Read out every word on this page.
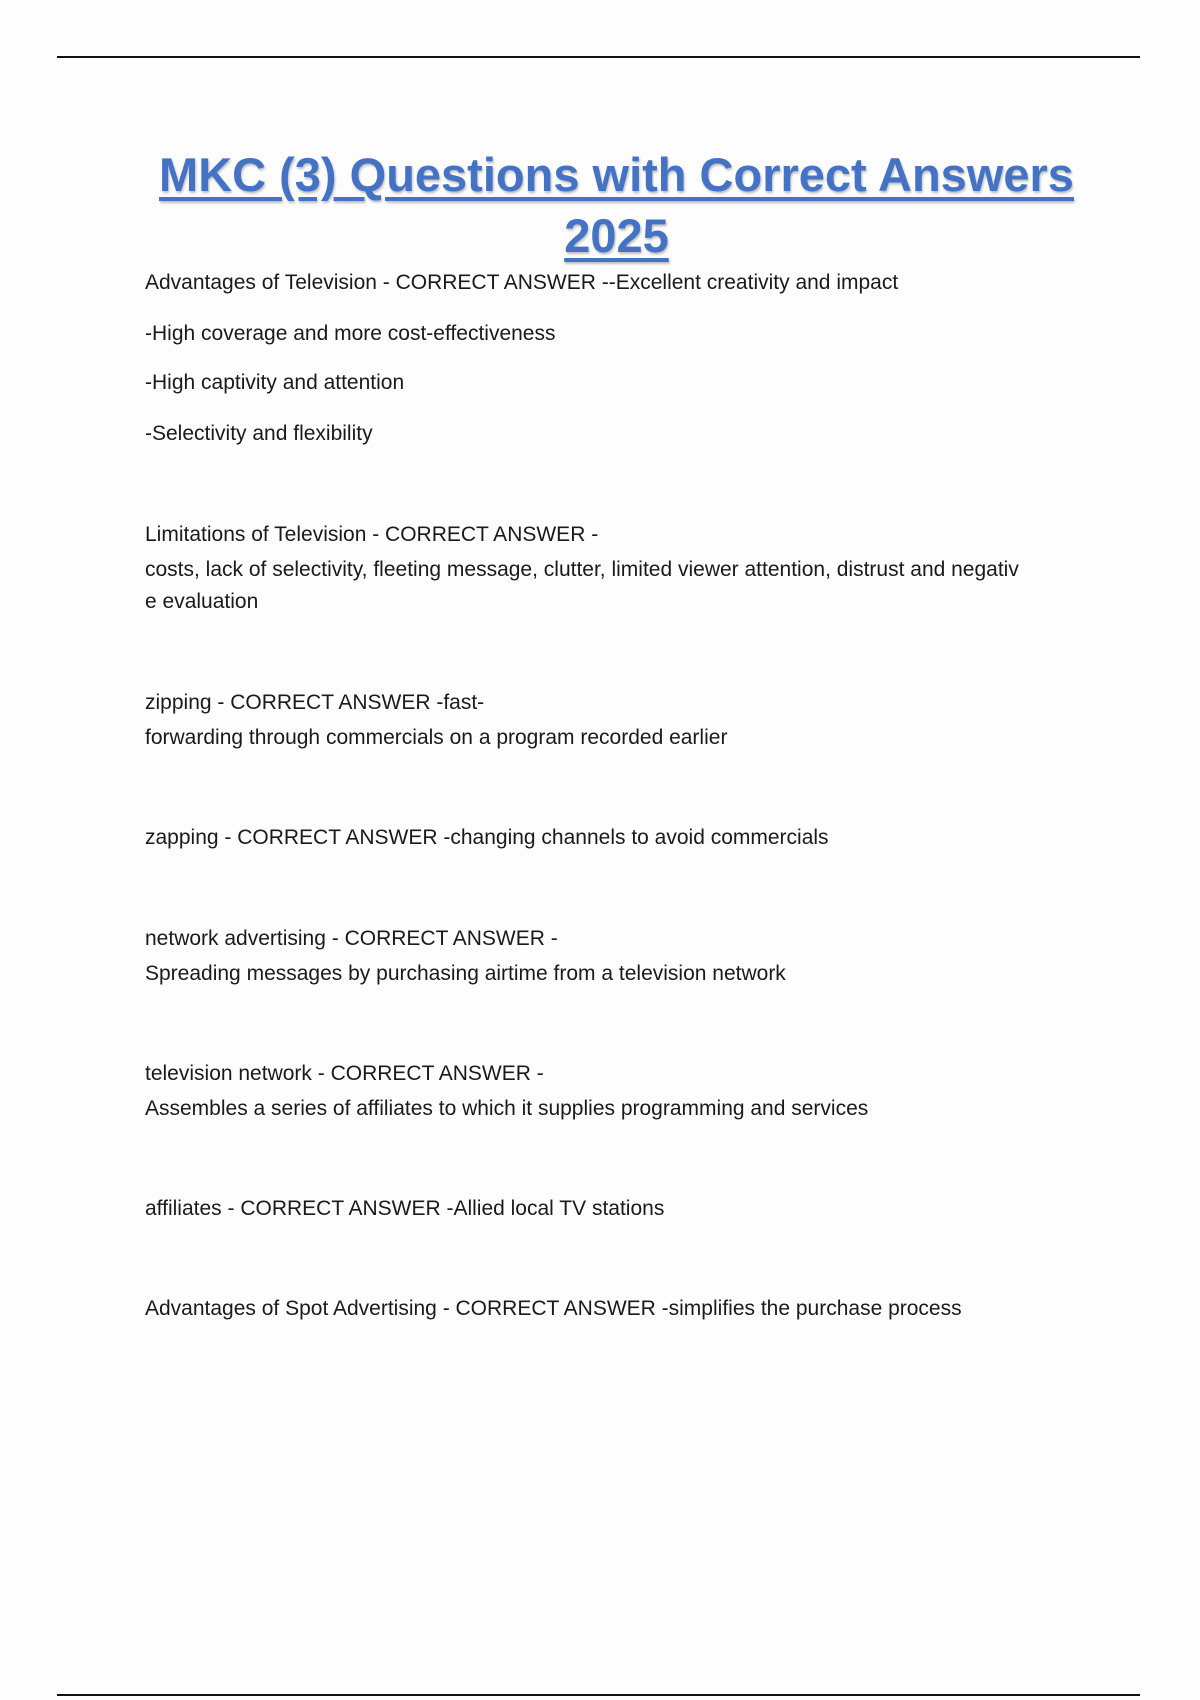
MKC (3) Questions with Correct Answers
2025
Advantages of Television - CORRECT ANSWER --Excellent creativity and impact
-High coverage and more cost-effectiveness
-High captivity and attention
-Selectivity and flexibility
Limitations of Television - CORRECT ANSWER -
costs, lack of selectivity, fleeting message, clutter, limited viewer attention, distrust and negativ
e evaluation
zipping - CORRECT ANSWER -fast-
forwarding through commercials on a program recorded earlier
zapping - CORRECT ANSWER -changing channels to avoid commercials
network advertising - CORRECT ANSWER -
Spreading messages by purchasing airtime from a television network
television network - CORRECT ANSWER -
Assembles a series of affiliates to which it supplies programming and services
affiliates - CORRECT ANSWER -Allied local TV stations
Advantages of Spot Advertising - CORRECT ANSWER -simplifies the purchase process
